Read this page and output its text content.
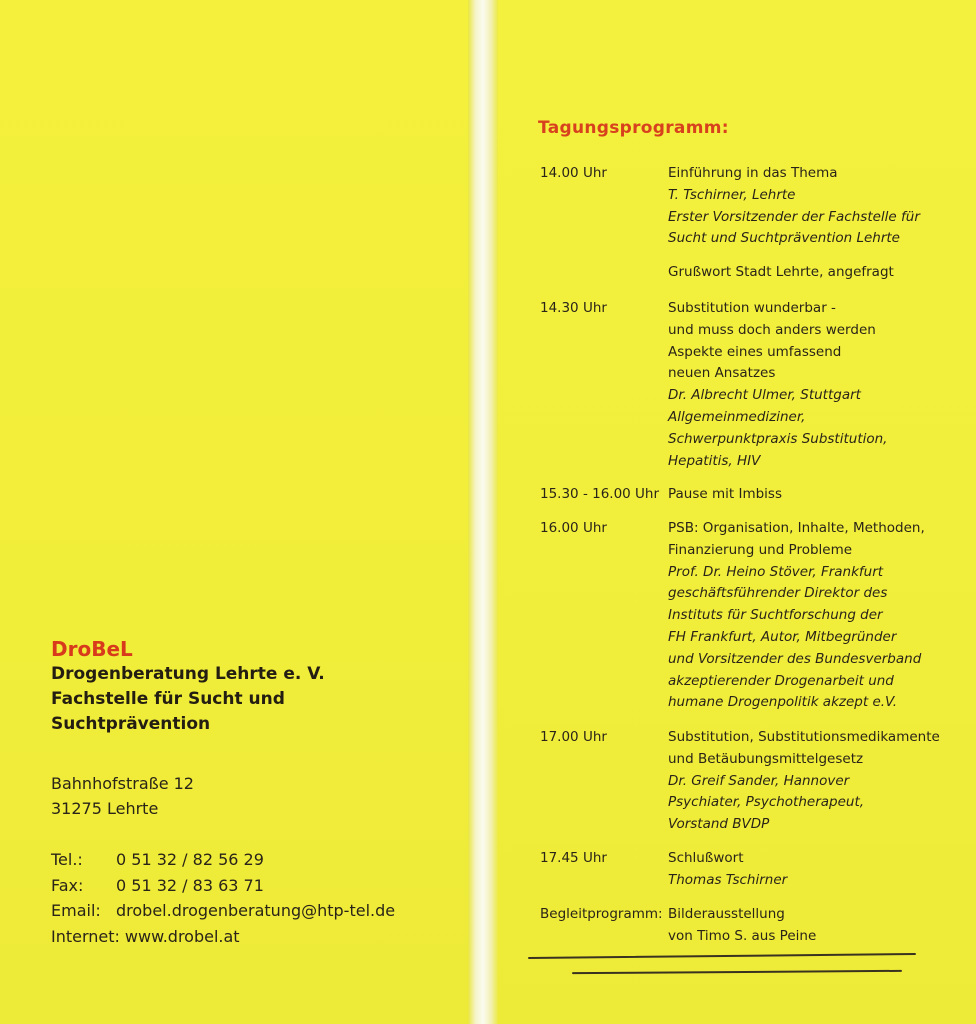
DroBeL
Drogenberatung Lehrte e. V.
Fachstelle für Sucht und
Suchtprävention
Bahnhofstraße 12
31275 Lehrte
Tel.:	0 51 32 / 82 56 29
Fax:	0 51 32 / 83 63 71
Email: drobel.drogenberatung@htp-tel.de
Internet: www.drobel.at
Tagungsprogramm:
14.00 Uhr	Einführung in das Thema
T. Tschirner, Lehrte
Erster Vorsitzender der Fachstelle für
Sucht und Suchtprävention Lehrte
Grußwort Stadt Lehrte, angefragt
14.30 Uhr	Substitution wunderbar -
und muss doch anders werden
Aspekte eines umfassend
neuen Ansatzes
Dr. Albrecht Ulmer, Stuttgart
Allgemeinmediziner,
Schwerpunktpraxis Substitution,
Hepatitis, HIV
15.30 - 16.00 Uhr Pause mit Imbiss
16.00 Uhr	PSB: Organisation, Inhalte, Methoden,
Finanzierung und Probleme
Prof. Dr. Heino Stöver, Frankfurt
geschäftsführender Direktor des
Instituts für Suchtforschung der
FH Frankfurt, Autor, Mitbegründer
und Vorsitzender des Bundesverband
akzeptierender Drogenarbeit und
humane Drogenpolitik akzept e.V.
17.00 Uhr	Substitution, Substitutionsmedikamente
und Betäubungsmittelgesetz
Dr. Greif Sander, Hannover
Psychiater, Psychotherapeut,
Vorstand BVDP
17.45 Uhr	Schlußwort
Thomas Tschirner
Begleitprogramm: Bilderausstellung
von Timo S. aus Peine
